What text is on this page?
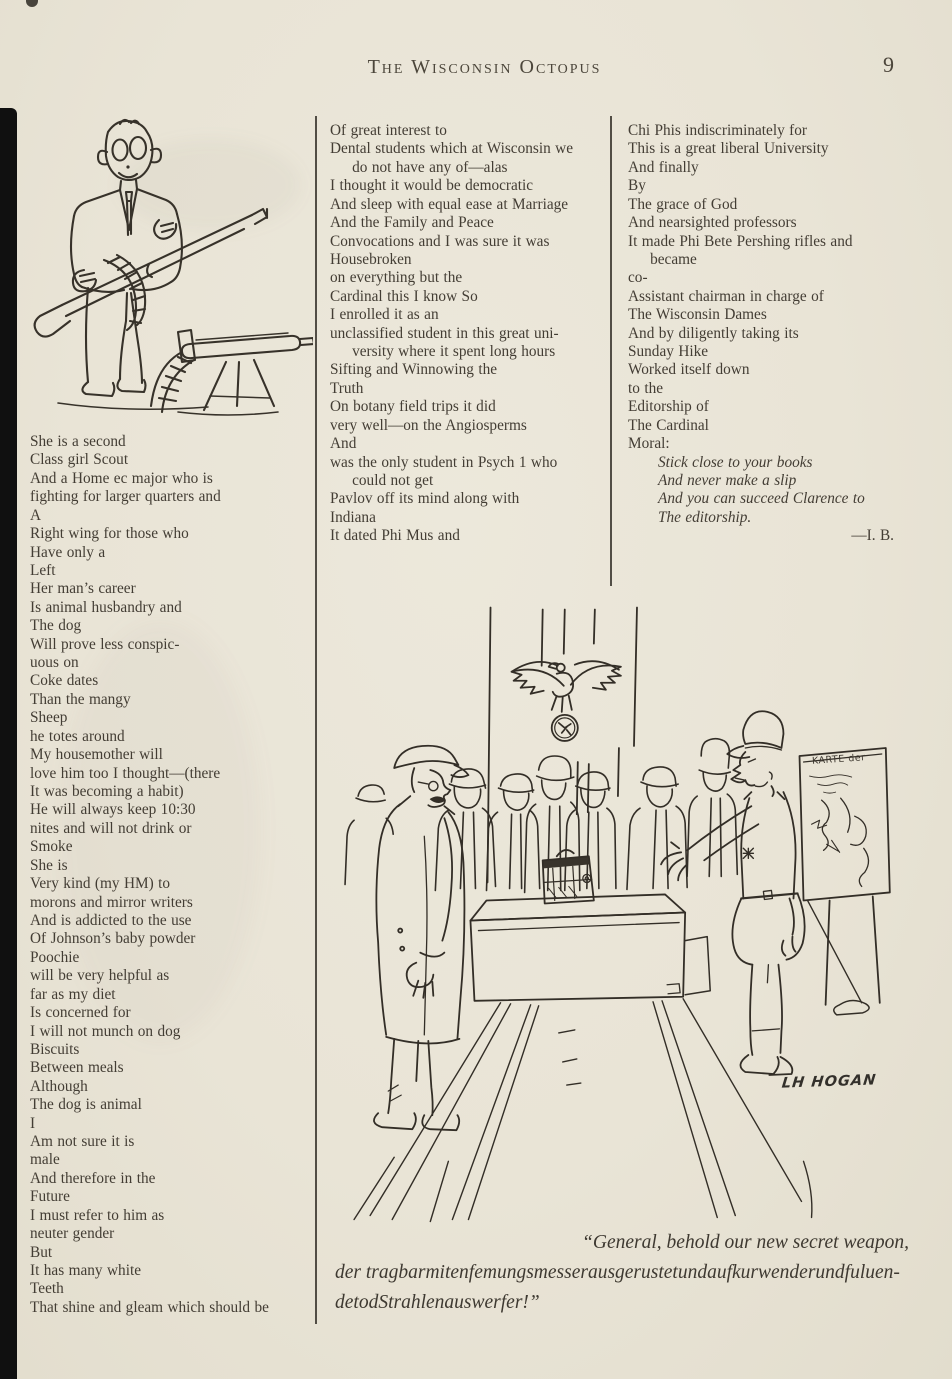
The Wisconsin Octopus	9
She is a second
Class girl Scout
And a Home ec major who is
fighting for larger quarters and
A
Right wing for those who
Have only a
Left
Her man’s career
Is animal husbandry and
The dog
Will prove less conspic-
uous on
Coke dates
Than the mangy
Sheep
he totes around
My housemother will
love him too I thought—(there
It was becoming a habit)
He will always keep 10:30
nites and will not drink or
Smoke
She is
Very kind (my HM) to
morons and mirror writers
And is addicted to the use
Of Johnson’s baby powder
Poochie
will be very helpful as
far as my diet
Is concerned for
I will not munch on dog
Biscuits
Between meals
Although
The dog is animal
I
Am not sure it is
male
And therefore in the
Future
I must refer to him as
neuter gender
But
It has many white
Teeth
That shine and gleam which should be
Of great interest to
Dental students which at Wisconsin we
do not have any of—alas
I thought it would be democratic
And sleep with equal ease at Marriage
And the Family and Peace
Convocations and I was sure it was
Housebroken
on everything but the
Cardinal this I know So
I enrolled it as an
unclassified student in this great uni-
versity where it spent long hours
Sifting and Winnowing the
Truth
On botany field trips it did
very well—on the Angiosperms
And
was the only student in Psych 1 who
could not get
Pavlov off its mind along with
Indiana
It dated Phi Mus and
Chi Phis indiscriminately for
This is a great liberal University
And finally
By
The grace of God
And nearsighted professors
It made Phi Bete Pershing rifles and
became
co-
Assistant chairman in charge of
The Wisconsin Dames
And by diligently taking its
Sunday Hike
Worked itself down
to the
Editorship of
The Cardinal
Moral:
Stick close to your books
And never make a slip
And you can succeed Clarence to
The editorship.
—I. B.
KARTE der
LH HOGAN
“General, behold our new secret weapon,
der tragbarmitenfemungsmesserausgerustetundaufkurwenderundfuluen-
detodStrahlenauswerfer!”
